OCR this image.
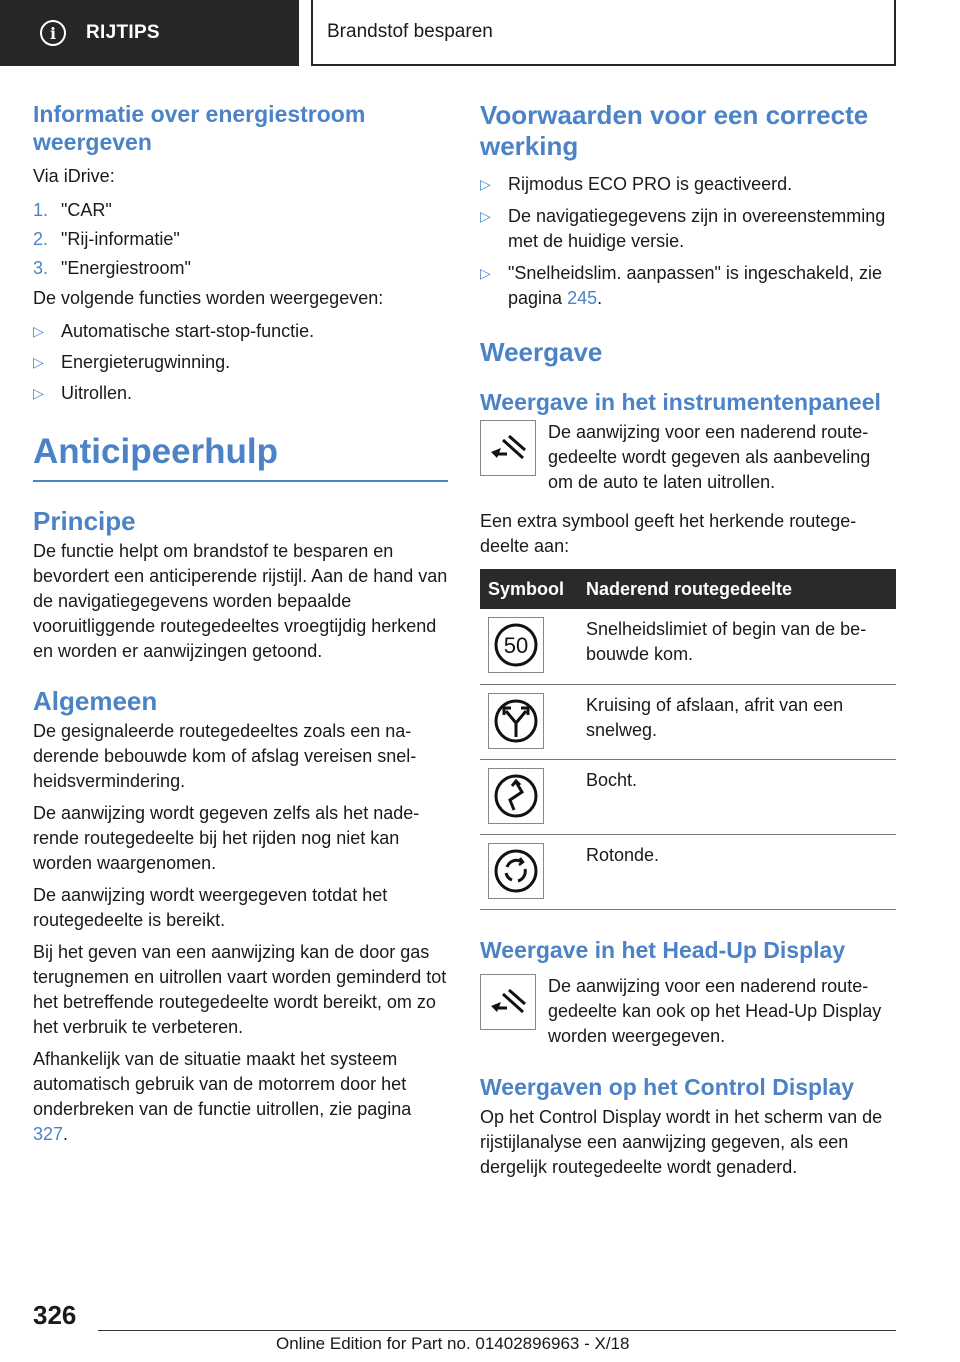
i	RIJTIPS	Brandstof besparen
Informatie over energiestroom weergeven

Via iDrive:

1. "CAR"
2. "Rij-informatie"
3. "Energiestroom"

De volgende functies worden weergegeven:

▷ Automatische start-stop-functie.
▷ Energieterugwinning.
▷ Uitrollen.
Anticipeerhulp
Principe

De functie helpt om brandstof te besparen en bevordert een anticiperende rijstijl. Aan de hand van de navigatiegegevens worden bepaalde vooruitliggende routegedeeltes vroegtijdig herkend en worden er aanwijzingen getoond.

Algemeen

De gesignaleerde routegedeeltes zoals een naderende bebouwde kom of afslag vereisen snelheidsvermindering.

De aanwijzing wordt gegeven zelfs als het naderende routegedeelte bij het rijden nog niet kan worden waargenomen.

De aanwijzing wordt weergegeven totdat het routegedeelte is bereikt.

Bij het geven van een aanwijzing kan de door gas terugnemen en uitrollen vaart worden geminderd tot het betreffende routegedeelte wordt bereikt, om zo het verbruik te verbeteren.

Afhankelijk van de situatie maakt het systeem automatisch gebruik van de motorrem door het onderbreken van de functie uitrollen, zie pagina 327.

Voorwaarden voor een correcte werking
▷ Rijmodus ECO PRO is geactiveerd.
▷ De navigatiegegevens zijn in overeenstemming met de huidige versie.
▷ "Snelheidslim. aanpassen" is ingeschakeld, zie pagina 245.
Weergave
Weergave in het instrumentenpaneel

De aanwijzing voor een naderend routegedeelte wordt gegeven als aanbeveling om de auto te laten uitrollen.

Een extra symbool geeft het herkende routegedeelte aan:

Symbool	Naderend routegedeelte

50	Snelheidslimiet of begin van de bebouwde kom.

	Kruising of afslaan, afrit van een snelweg.

	Bocht.

	Rotonde.
Weergave in het Head-Up Display

De aanwijzing voor een naderend routegedeelte kan ook op het Head-Up Display worden weergegeven.

Weergaven op het Control Display

Op het Control Display wordt in het scherm van de rijstijlanalyse een aanwijzing gegeven, als een dergelijk routegedeelte wordt genaderd.

326
Online Edition for Part no. 01402896963 - X/18
